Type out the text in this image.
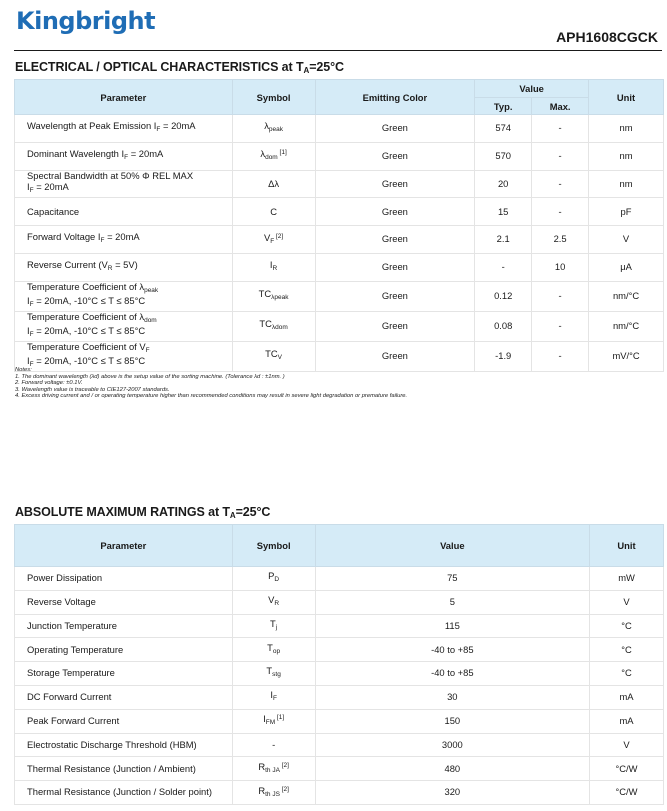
Kingbright
APH1608CGCK
ELECTRICAL / OPTICAL CHARACTERISTICS at $T_A=25^\circ C$
Parameter	Symbol	Emitting Color	Value		Unit
			Typ.	Max.	

Wavelength at Peak Emission $I_F = 20mA$	$\lambda_{peak}$	Green	574	-	nm

Dominant Wavelength $I_F = 20mA$	$\lambda_{dom}$ [1]	Green	570	-	nm

Spectral Bandwidth at 50% Φ REL MAX
$I_F = 20mA$	Δλ	Green	20	-	nm

Capacitance	C	Green	15	-	pF

Forward Voltage $I_F = 20mA$	$V_F$ [2]	Green	2.1	2.5	V

Reverse Current $(V_R = 5V)$	$I_R$	Green	-	10	μA

Temperature Coefficient of $\lambda_{peak}$
$I_F = 20mA$, -10°C ≤ T ≤ 85°C	$TC_{\lambda peak}$	Green	0.12	-	nm/°C

Temperature Coefficient of $\lambda_{dom}$
$I_F = 20mA$, -10°C ≤ T ≤ 85°C	$TC_{\lambda dom}$	Green	0.08	-	nm/°C

Temperature Coefficient of $V_F$
$I_F = 20mA$, -10°C ≤ T ≤ 85°C	$TC_V$	Green	-1.9	-	mV/°C
Notes:
1. The dominant wavelength (λd) above is the setup value of the sorting machine. (Tolerance λd : ±1nm. )
2. Forward voltage: ±0.1V.
3. Wavelength value is traceable to CIE127-2007 standards.
4. Excess driving current and / or operating temperature higher than recommended conditions may result in severe light degradation or premature failure.
ABSOLUTE MAXIMUM RATINGS at $T_A=25^\circ C$
Parameter	Symbol	Value	Unit
Power Dissipation	$P_D$	75	mW
Reverse Voltage	$V_R$	5	V
Junction Temperature	$T_j$	115	°C
Operating Temperature	$T_{op}$	-40 to +85	°C
Storage Temperature	$T_{stg}$	-40 to +85	°C
DC Forward Current	$I_F$	30	mA
Peak Forward Current	$I_{FM}$ [1]	150	mA
Electrostatic Discharge Threshold (HBM)	-	3000	V
Thermal Resistance (Junction / Ambient)	$R_{th JA}$ [2]	480	°C/W
Thermal Resistance (Junction / Solder point)	$R_{th JS}$ [2]	320	°C/W
